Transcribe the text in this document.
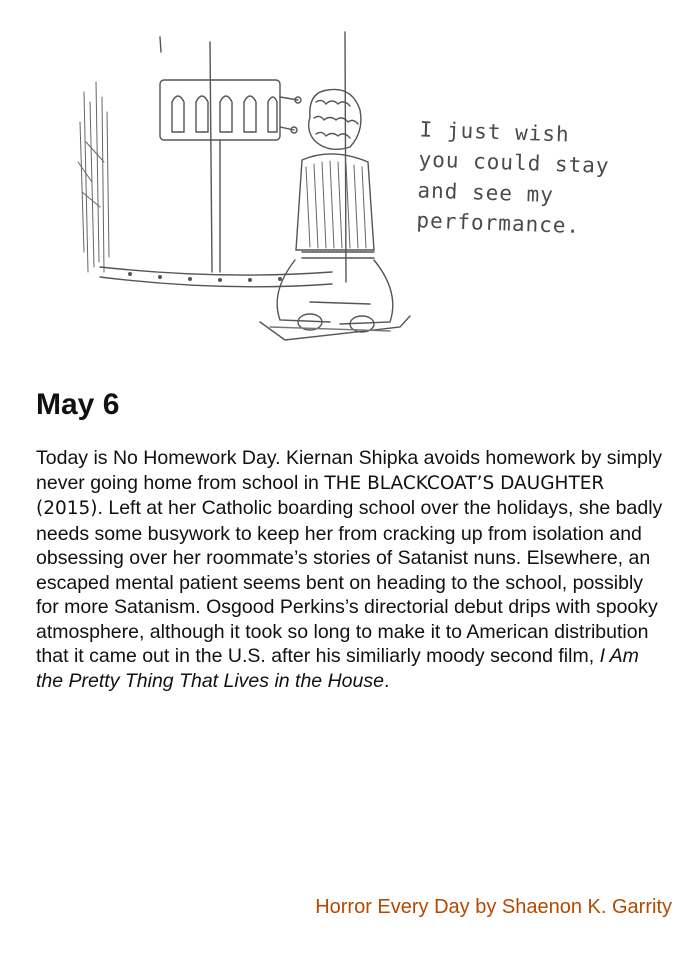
I just wish
you could stay
and see my
performance.
May 6

Today is No Homework Day. Kiernan Shipka avoids homework by simply never going home from school in THE BLACKCOAT’S DAUGHTER (2015). Left at her Catholic boarding school over the holidays, she badly needs some busywork to keep her from cracking up from isolation and obsessing over her roommate’s stories of Satanist nuns. Elsewhere, an escaped mental patient seems bent on heading to the school, possibly for more Satanism. Osgood Perkins’s directorial debut drips with spooky atmosphere, although it took so long to make it to American distribution that it came out in the U.S. after his similiarly moody second film, I Am the Pretty Thing That Lives in the House.

Horror Every Day by Shaenon K. Garrity
